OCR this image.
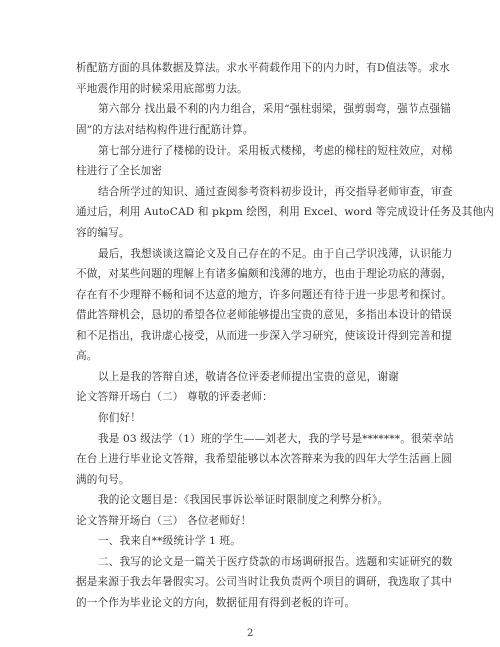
析配筋方面的具体数据及算法。求水平荷载作用下的内力时，有D值法等。求水
平地震作用的时候采用底部剪力法。
第六部分 找出最不利的内力组合，采用“强柱弱梁，强剪弱弯，强节点强锚
固”的方法对结构构件进行配筋计算。
第七部分进行了楼梯的设计。采用板式楼梯，考虑的梯柱的短柱效应，对梯
柱进行了全长加密
结合所学过的知识、通过查阅参考资料初步设计，再交指导老师审查，审查
通过后，利用 AutoCAD 和 pkpm 绘图，利用 Excel、word 等完成设计任务及其他内
容的编写。
最后，我想谈谈这篇论文及自己存在的不足。由于自己学识浅薄，认识能力
不做，对某些问题的理解上有诸多偏颇和浅薄的地方，也由于理论功底的薄弱，
存在有不少理辩不畅和词不达意的地方，许多问题还有待于进一步思考和探讨。
借此答辩机会，恳切的希望各位老师能够提出宝贵的意见，多指出本设计的错误
和不足指出，我讲虚心接受，从而进一步深入学习研究，使该设计得到完善和提
高。
以上是我的答辩自述，敬请各位评委老师提出宝贵的意见，谢谢
论文答辩开场白（二） 尊敬的评委老师：
你们好！
我是 03 级法学（1）班的学生——刘老大，我的学号是*******。很荣幸站
在台上进行毕业论文答辩，我希望能够以本次答辩来为我的四年大学生活画上圆
满的句号。
我的论文题目是：《我国民事诉讼举证时限制度之利弊分析》。
论文答辩开场白（三） 各位老师好！
一、我来自**级统计学 1 班。
二、我写的论文是一篇关于医疗贷款的市场调研报告。选题和实证研究的数
据是来源于我去年暑假实习。公司当时让我负责两个项目的调研，我选取了其中
的一个作为毕业论文的方向，数据征用有得到老板的许可。
2
